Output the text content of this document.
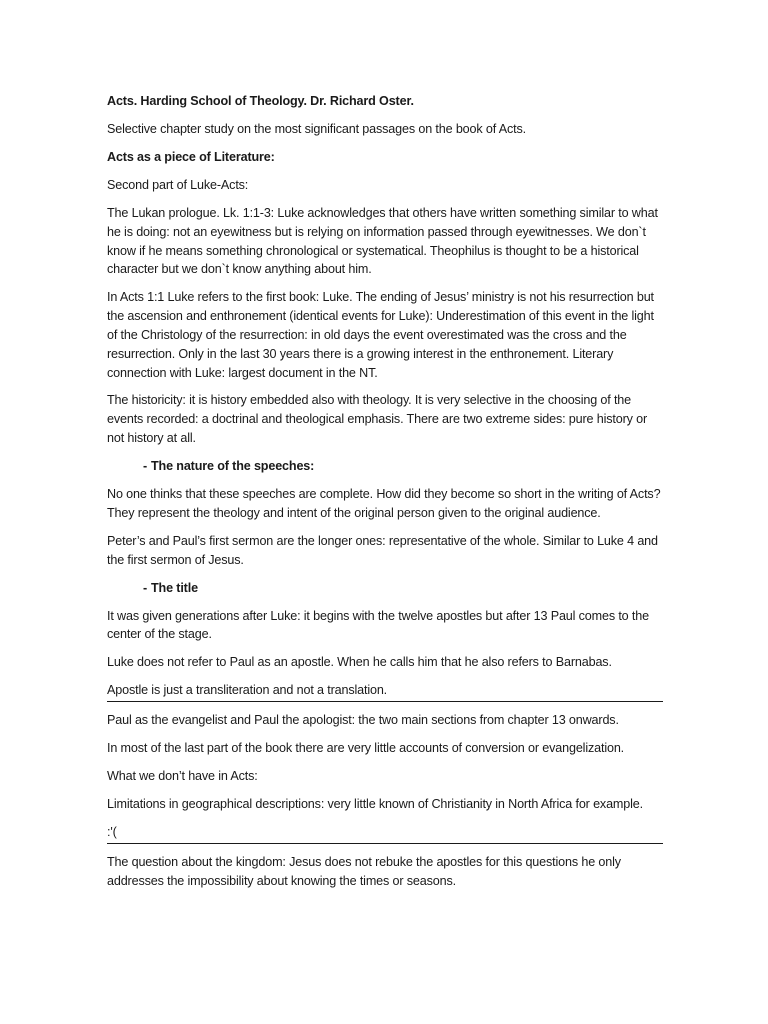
Acts. Harding School of Theology. Dr. Richard Oster.

Selective chapter study on the most significant passages on the book of Acts.

Acts as a piece of Literature:

Second part of Luke-Acts:

The Lukan prologue. Lk. 1:1-3: Luke acknowledges that others have written something similar to what he is doing: not an eyewitness but is relying on information passed through eyewitnesses. We don`t know if he means something chronological or systematical. Theophilus is thought to be a historical character but we don`t know anything about him.

In Acts 1:1 Luke refers to the first book: Luke. The ending of Jesus’ ministry is not his resurrection but the ascension and enthronement (identical events for Luke): Underestimation of this event in the light of the Christology of the resurrection: in old days the event overestimated was the cross and the resurrection. Only in the last 30 years there is a growing interest in the enthronement. Literary connection with Luke: largest document in the NT.

The historicity: it is history embedded also with theology. It is very selective in the choosing of the events recorded: a doctrinal and theological emphasis. There are two extreme sides: pure history or not history at all.

- The nature of the speeches:

No one thinks that these speeches are complete. How did they become so short in the writing of Acts? They represent the theology and intent of the original person given to the original audience.

Peter’s and Paul’s first sermon are the longer ones: representative of the whole. Similar to Luke 4 and the first sermon of Jesus.

- The title

It was given generations after Luke: it begins with the twelve apostles but after 13 Paul comes to the center of the stage.

Luke does not refer to Paul as an apostle. When he calls him that he also refers to Barnabas.

Apostle is just a transliteration and not a translation.

Paul as the evangelist and Paul the apologist: the two main sections from chapter 13 onwards.

In most of the last part of the book there are very little accounts of conversion or evangelization.

What we don’t have in Acts:

Limitations in geographical descriptions: very little known of Christianity in North Africa for example.

:'(

The question about the kingdom: Jesus does not rebuke the apostles for this questions he only addresses the impossibility about knowing the times or seasons.
